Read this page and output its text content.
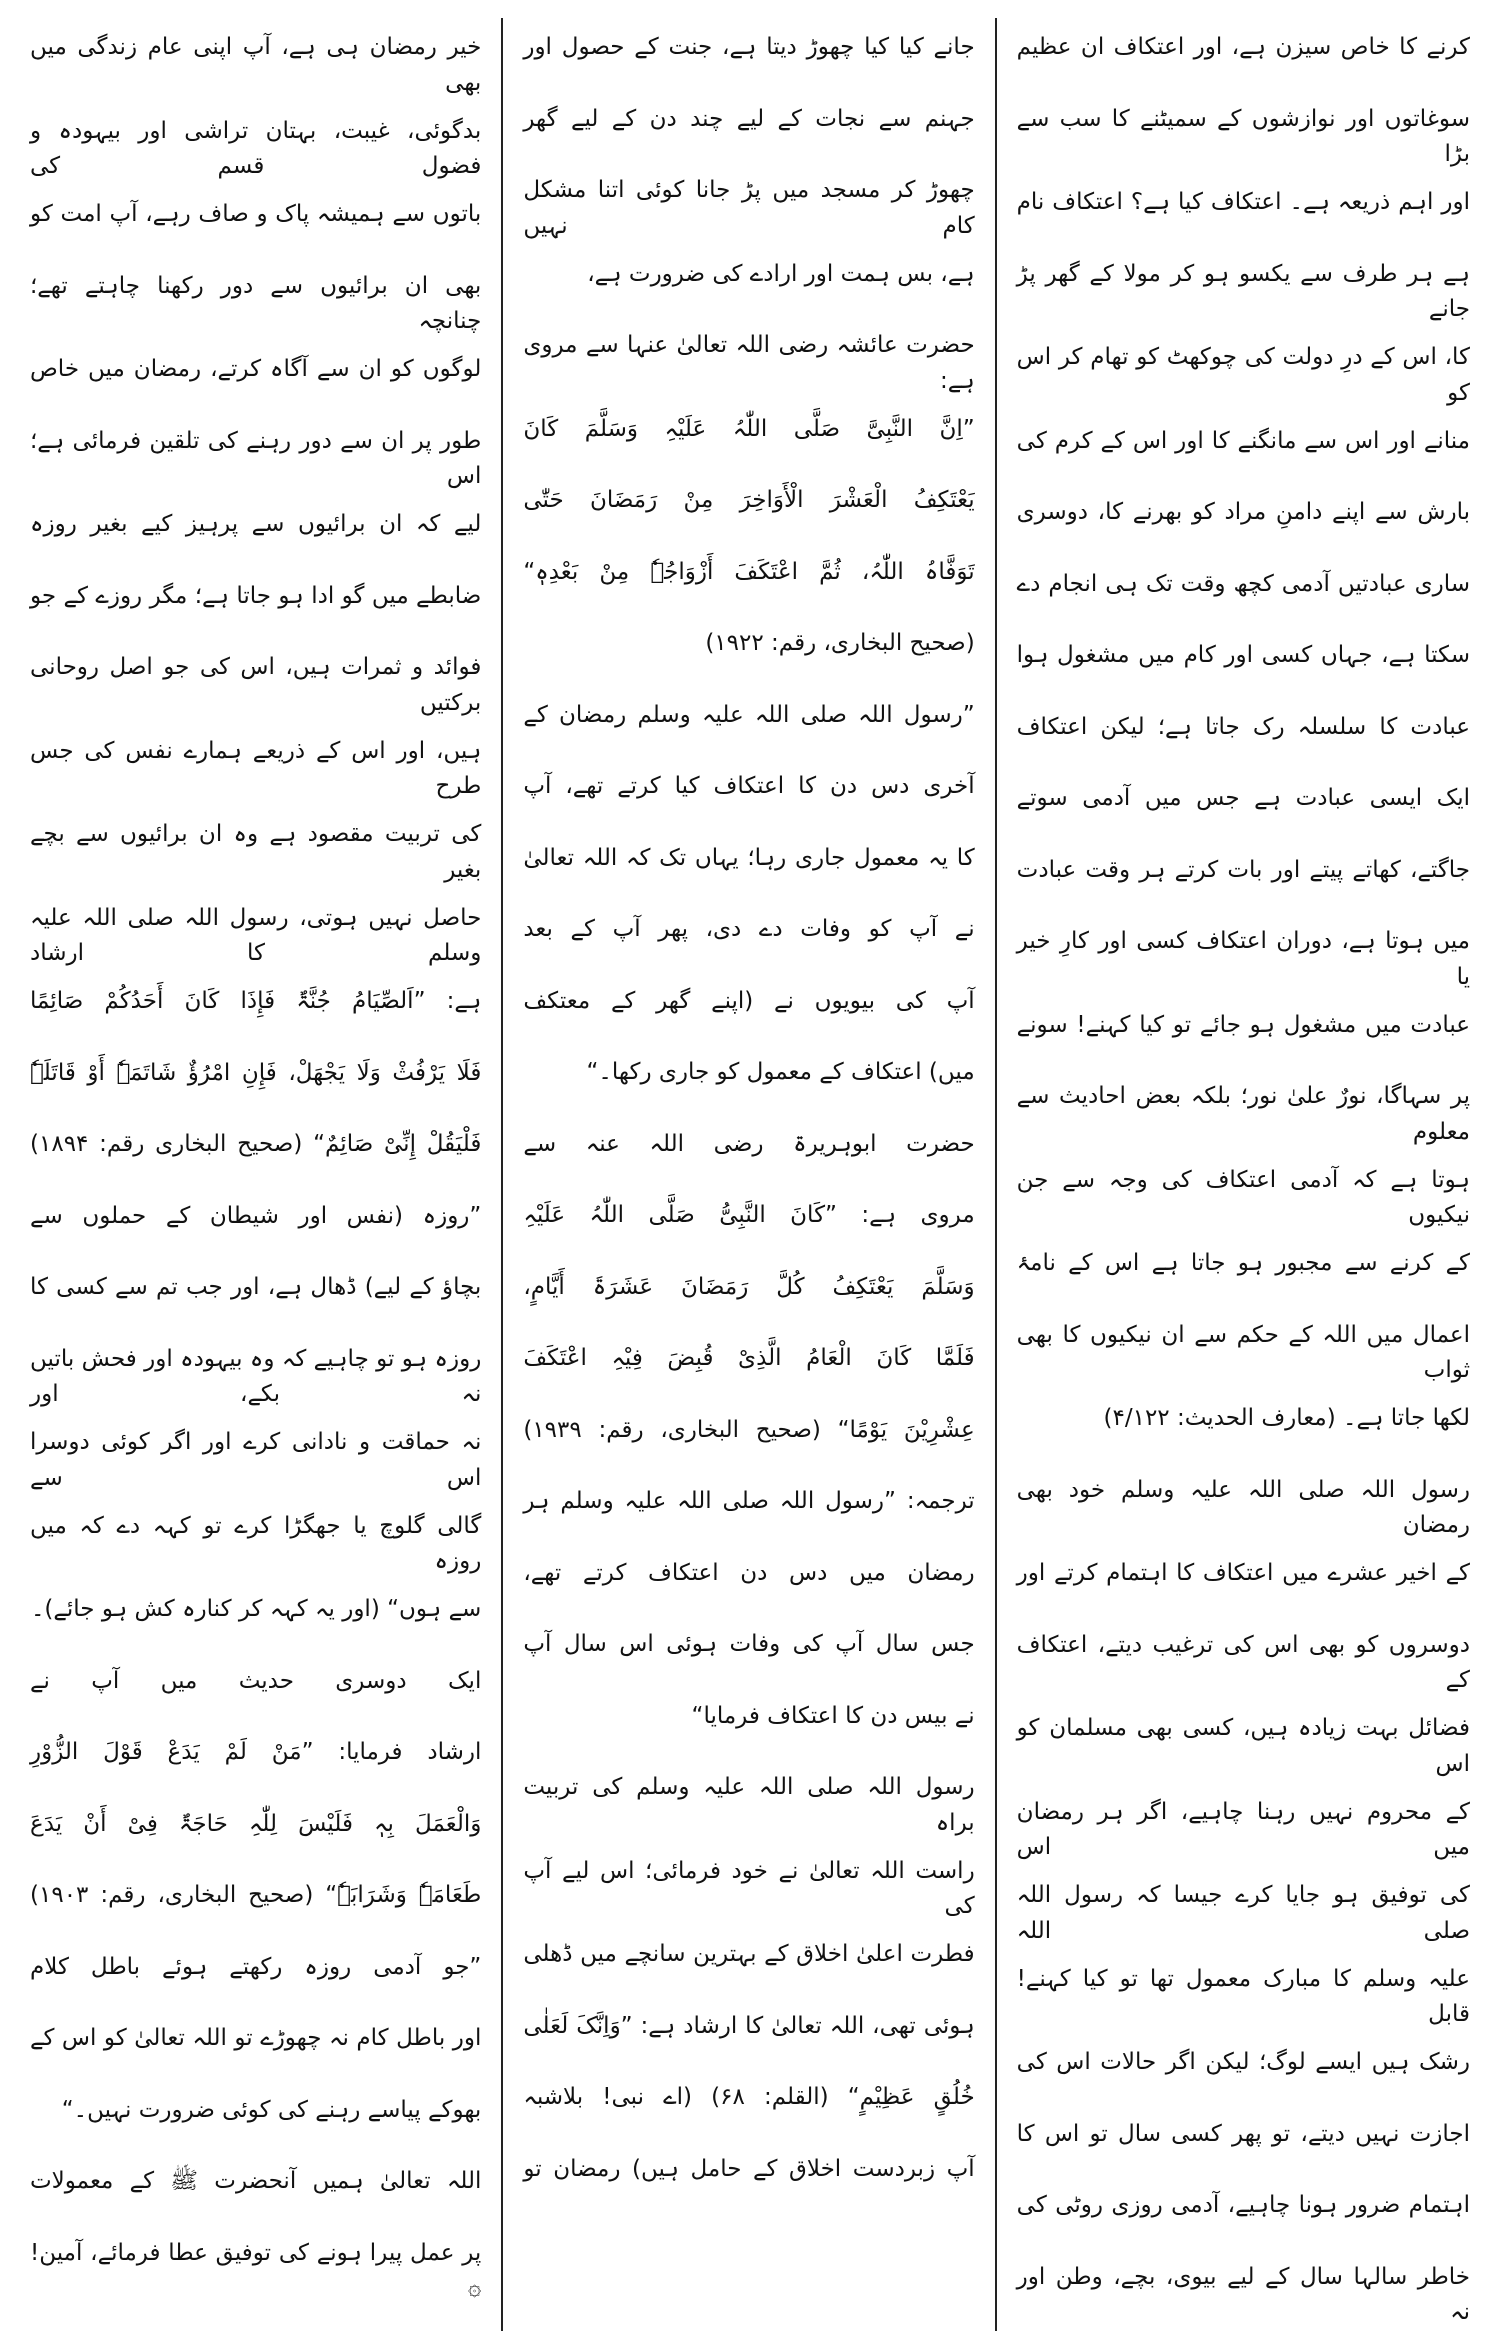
کرنے کا خاص سیزن ہے، اور اعتکاف ان عظیم
سوغاتوں اور نوازشوں کے سمیٹنے کا سب سے بڑا
اور اہم ذریعہ ہے۔ اعتکاف کیا ہے؟ اعتکاف نام
ہے ہر طرف سے یکسو ہو کر مولا کے گھر پڑ جانے
کا، اس کے درِ دولت کی چوکھٹ کو تھام کر اس کو
منانے اور اس سے مانگنے کا اور اس کے کرم کی
بارش سے اپنے دامنِ مراد کو بھرنے کا، دوسری
ساری عبادتیں آدمی کچھ وقت تک ہی انجام دے
سکتا ہے، جہاں کسی اور کام میں مشغول ہوا
عبادت کا سلسلہ رک جاتا ہے؛ لیکن اعتکاف
ایک ایسی عبادت ہے جس میں آدمی سوتے
جاگتے، کھاتے پیتے اور بات کرتے ہر وقت عبادت
میں ہوتا ہے، دوران اعتکاف کسی اور کارِ خیر یا
عبادت میں مشغول ہو جائے تو کیا کہنے! سونے
پر سہاگا، نورٌ علیٰ نور؛ بلکہ بعض احادیث سے معلوم
ہوتا ہے کہ آدمی اعتکاف کی وجہ سے جن نیکیوں
کے کرنے سے مجبور ہو جاتا ہے اس کے نامۂ
اعمال میں اللہ کے حکم سے ان نیکیوں کا بھی ثواب
لکھا جاتا ہے۔ (معارف الحدیث: ۴/۱۲۲)
رسول اللہ صلی اللہ علیہ وسلم خود بھی رمضان
کے اخیر عشرے میں اعتکاف کا اہتمام کرتے اور
دوسروں کو بھی اس کی ترغیب دیتے، اعتکاف کے
فضائل بہت زیادہ ہیں، کسی بھی مسلمان کو اس
کے محروم نہیں رہنا چاہیے، اگر ہر رمضان میں اس
کی توفیق ہو جایا کرے جیسا کہ رسول اللہ صلی اللہ
علیہ وسلم کا مبارک معمول تھا تو کیا کہنے! قابل
رشک ہیں ایسے لوگ؛ لیکن اگر حالات اس کی
اجازت نہیں دیتے، تو پھر کسی سال تو اس کا
اہتمام ضرور ہونا چاہیے، آدمی روزی روٹی کی
خاطر سالہا سال کے لیے بیوی، بچے، وطن اور نہ
جانے کیا کیا چھوڑ دیتا ہے، جنت کے حصول اور
جہنم سے نجات کے لیے چند دن کے لیے گھر
چھوڑ کر مسجد میں پڑ جانا کوئی اتنا مشکل کام نہیں
ہے، بس ہمت اور ارادے کی ضرورت ہے،
حضرت عائشہ رضی اللہ تعالیٰ عنہا سے مروی ہے:
”اِنَّ النَّبِیَّ صَلَّی اللّٰہُ عَلَیْہِ وَسَلَّمَ کَانَ
یَعْتَکِفُ الْعَشْرَ الْأَوَاخِرَ مِنْ رَمَضَانَ حَتّٰی
تَوَفَّاہُ اللّٰہُ، ثُمَّ اعْتَکَفَ أَزْوَاجُہٗ مِنْ بَعْدِہٖ“
(صحیح البخاری، رقم: ۱۹۲۲)
”رسول اللہ صلی اللہ علیہ وسلم رمضان کے
آخری دس دن کا اعتکاف کیا کرتے تھے، آپ
کا یہ معمول جاری رہا؛ یہاں تک کہ اللہ تعالیٰ
نے آپ کو وفات دے دی، پھر آپ کے بعد
آپ کی بیویوں نے (اپنے گھر کے معتکف
میں) اعتکاف کے معمول کو جاری رکھا۔“
حضرت ابوہریرۃ رضی اللہ عنہ سے
مروی ہے: ”کَانَ النَّبِیُّ صَلَّی اللّٰہُ عَلَیْہِ
وَسَلَّمَ یَعْتَکِفُ کُلَّ رَمَضَانَ عَشَرَۃَ أَیَّامٍ،
فَلَمَّا کَانَ الْعَامُ الَّذِیْ قُبِضَ فِیْہِ اعْتَکَفَ
عِشْرِیْنَ یَوْمًا“ (صحیح البخاری، رقم: ۱۹۳۹)
ترجمہ: ”رسول اللہ صلی اللہ علیہ وسلم ہر
رمضان میں دس دن اعتکاف کرتے تھے،
جس سال آپ کی وفات ہوئی اس سال آپ
نے بیس دن کا اعتکاف فرمایا“
رسول اللہ صلی اللہ علیہ وسلم کی تربیت براہ
راست اللہ تعالیٰ نے خود فرمائی؛ اس لیے آپ کی
فطرت اعلیٰ اخلاق کے بہترین سانچے میں ڈھلی
ہوئی تھی، اللہ تعالیٰ کا ارشاد ہے: ”وَاِنَّکَ لَعَلٰی
خُلُقٍ عَظِیْمٍ“ (القلم: ۶۸) (اے نبی! بلاشبہ
آپ زبردست اخلاق کے حامل ہیں) رمضان تو
خیر رمضان ہی ہے، آپ اپنی عام زندگی میں بھی
بدگوئی، غیبت، بہتان تراشی اور بیہودہ و فضول قسم کی
باتوں سے ہمیشہ پاک و صاف رہے، آپ امت کو
بھی ان برائیوں سے دور رکھنا چاہتے تھے؛ چنانچہ
لوگوں کو ان سے آگاہ کرتے، رمضان میں خاص
طور پر ان سے دور رہنے کی تلقین فرمائی ہے؛ اس
لیے کہ ان برائیوں سے پرہیز کیے بغیر روزہ
ضابطے میں گو ادا ہو جاتا ہے؛ مگر روزے کے جو
فوائد و ثمرات ہیں، اس کی جو اصل روحانی برکتیں
ہیں، اور اس کے ذریعے ہمارے نفس کی جس طرح
کی تربیت مقصود ہے وہ ان برائیوں سے بچے بغیر
حاصل نہیں ہوتی، رسول اللہ صلی اللہ علیہ وسلم کا ارشاد
ہے: ”اَلصِّیَامُ جُنَّۃٌ فَإِذَا کَانَ أَحَدُکُمْ صَائِمًا
فَلَا یَرْفُثْ وَلَا یَجْھَلْ، فَإِنِ امْرُؤٌ شَاتَمَہٗ أَوْ قَاتَلَہٗ
فَلْیَقُلْ إِنِّیْ صَائِمٌ“ (صحیح البخاری رقم: ۱۸۹۴)
”روزہ (نفس اور شیطان کے حملوں سے
بچاؤ کے لیے) ڈھال ہے، اور جب تم سے کسی کا
روزہ ہو تو چاہیے کہ وہ بیہودہ اور فحش باتیں نہ بکے، اور
نہ حماقت و نادانی کرے اور اگر کوئی دوسرا اس سے
گالی گلوچ یا جھگڑا کرے تو کہہ دے کہ میں روزہ
سے ہوں“ (اور یہ کہہ کر کنارہ کش ہو جائے)۔
ایک دوسری حدیث میں آپ نے
ارشاد فرمایا: ”مَنْ لَمْ یَدَعْ قَوْلَ الزُّوْرِ
وَالْعَمَلَ بِہٖ فَلَیْسَ لِلّٰہِ حَاجَۃٌ فِیْ أَنْ یَدَعَ
طَعَامَہٗ وَشَرَابَہٗ“ (صحیح البخاری، رقم: ۱۹۰۳)
”جو آدمی روزہ رکھتے ہوئے باطل کلام
اور باطل کام نہ چھوڑے تو اللہ تعالیٰ کو اس کے
بھوکے پیاسے رہنے کی کوئی ضرورت نہیں۔“
اللہ تعالیٰ ہمیں آنحضرت ﷺ کے معمولات
پر عمل پیرا ہونے کی توفیق عطا فرمائے، آمین! ۞
